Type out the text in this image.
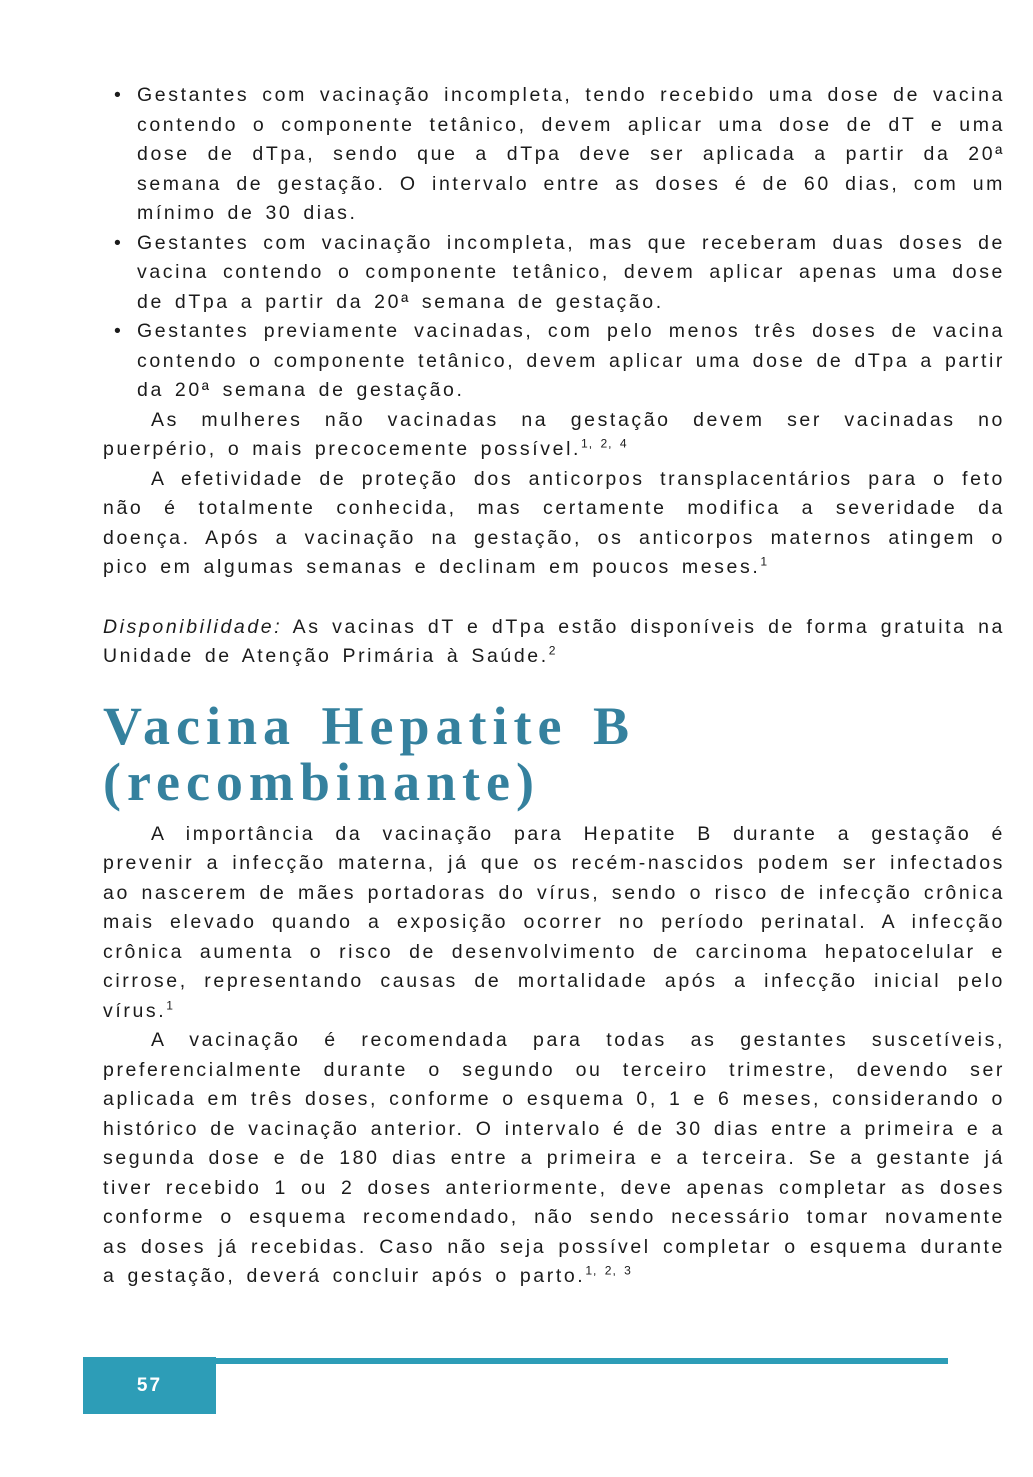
• Gestantes com vacinação incompleta, tendo recebido uma dose de vacina contendo o componente tetânico, devem aplicar uma dose de dT e uma dose de dTpa, sendo que a dTpa deve ser aplicada a partir da 20ª semana de gestação. O intervalo entre as doses é de 60 dias, com um mínimo de 30 dias.
• Gestantes com vacinação incompleta, mas que receberam duas doses de vacina contendo o componente tetânico, devem aplicar apenas uma dose de dTpa a partir da 20ª semana de gestação.
• Gestantes previamente vacinadas, com pelo menos três doses de vacina contendo o componente tetânico, devem aplicar uma dose de dTpa a partir da 20ª semana de gestação.

As mulheres não vacinadas na gestação devem ser vacinadas no puerpério, o mais precocemente possível.$^{1, 2, 4}$

A efetividade de proteção dos anticorpos transplacentários para o feto não é totalmente conhecida, mas certamente modifica a severidade da doença. Após a vacinação na gestação, os anticorpos maternos atingem o pico em algumas semanas e declinam em poucos meses.$^1$

Disponibilidade: As vacinas dT e dTpa estão disponíveis de forma gratuita na Unidade de Atenção Primária à Saúde.$^2$

Vacina Hepatite B
(recombinante)

A importância da vacinação para Hepatite B durante a gestação é prevenir a infecção materna, já que os recém-nascidos podem ser infectados ao nascerem de mães portadoras do vírus, sendo o risco de infecção crônica mais elevado quando a exposição ocorrer no período perinatal. A infecção crônica aumenta o risco de desenvolvimento de carcinoma hepatocelular e cirrose, representando causas de mortalidade após a infecção inicial pelo vírus.$^1$

A vacinação é recomendada para todas as gestantes suscetíveis, preferencialmente durante o segundo ou terceiro trimestre, devendo ser aplicada em três doses, conforme o esquema 0, 1 e 6 meses, considerando o histórico de vacinação anterior. O intervalo é de 30 dias entre a primeira e a segunda dose e de 180 dias entre a primeira e a terceira. Se a gestante já tiver recebido 1 ou 2 doses anteriormente, deve apenas completar as doses conforme o esquema recomendado, não sendo necessário tomar novamente as doses já recebidas. Caso não seja possível completar o esquema durante a gestação, deverá concluir após o parto.$^{1, 2, 3}$

57
